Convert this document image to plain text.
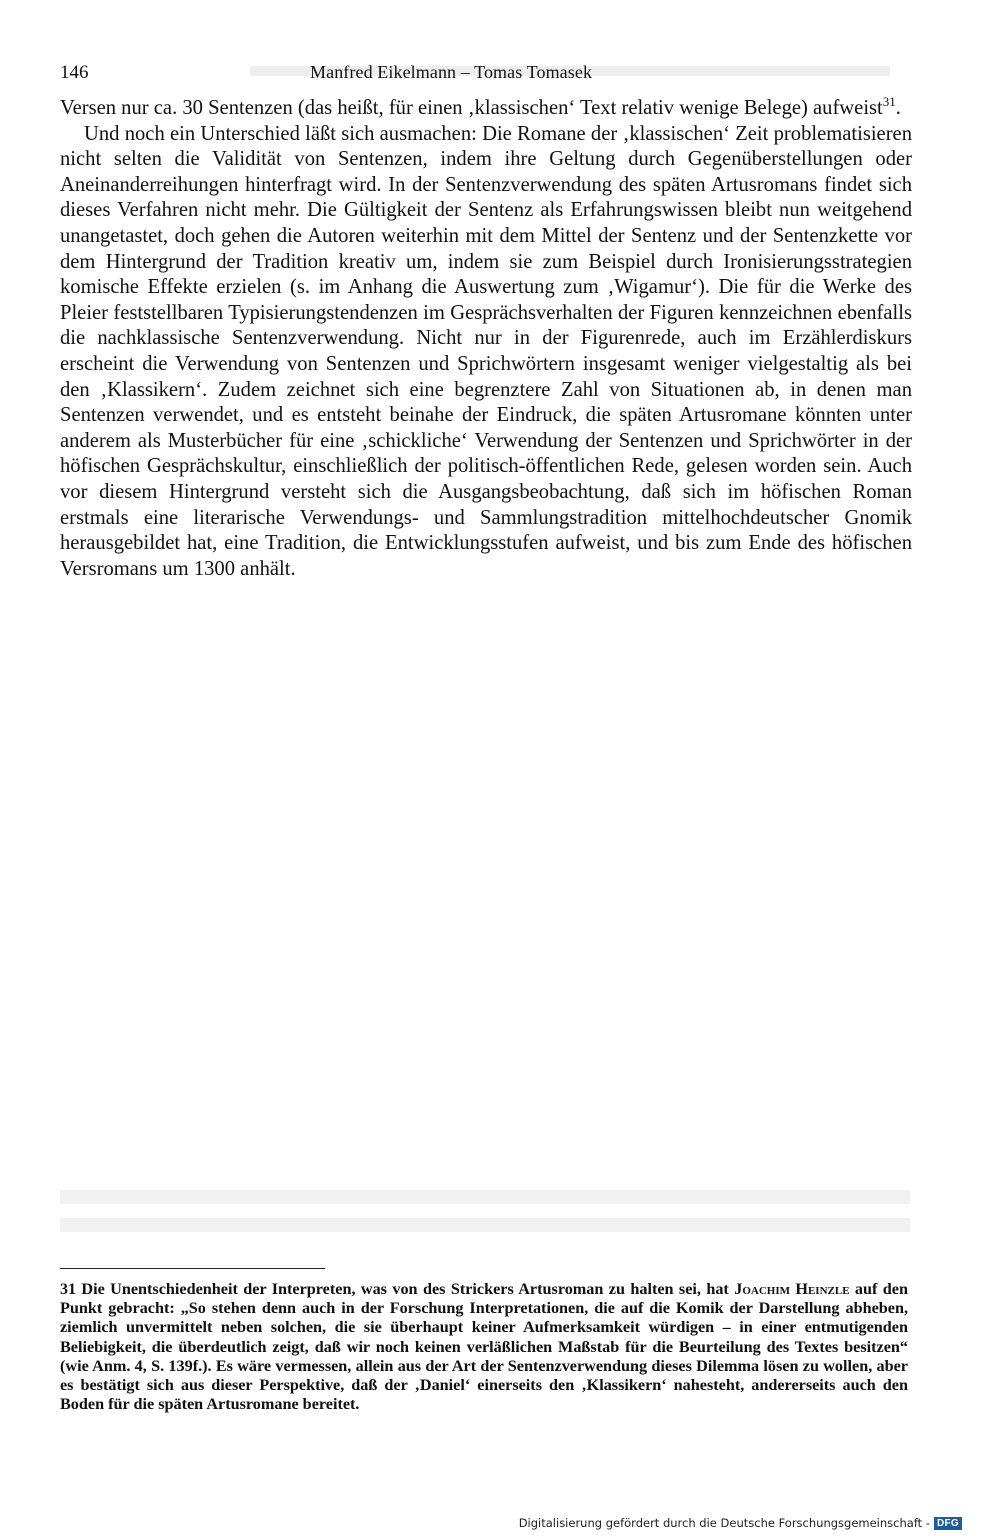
146	Manfred Eikelmann – Tomas Tomasek

Versen nur ca. 30 Sentenzen (das heißt, für einen ‚klassischen‘ Text relativ wenige Belege) aufweist$^{31}$.

Und noch ein Unterschied läßt sich ausmachen: Die Romane der ‚klassischen‘ Zeit problematisieren nicht selten die Validität von Sentenzen, indem ihre Geltung durch Gegenüberstellungen oder Aneinanderreihungen hinterfragt wird. In der Sentenzverwendung des späten Artusromans findet sich dieses Verfahren nicht mehr. Die Gültigkeit der Sentenz als Erfahrungswissen bleibt nun weitgehend unangetastet, doch gehen die Autoren weiterhin mit dem Mittel der Sentenz und der Sentenzkette vor dem Hintergrund der Tradition kreativ um, indem sie zum Beispiel durch Ironisierungsstrategien komische Effekte erzielen (s. im Anhang die Auswertung zum ‚Wigamur‘). Die für die Werke des Pleier feststellbaren Typisierungstendenzen im Gesprächsverhalten der Figuren kennzeichnen ebenfalls die nachklassische Sentenzverwendung. Nicht nur in der Figurenrede, auch im Erzählerdiskurs erscheint die Verwendung von Sentenzen und Sprichwörtern insgesamt weniger vielgestaltig als bei den ‚Klassikern‘. Zudem zeichnet sich eine begrenztere Zahl von Situationen ab, in denen man Sentenzen verwendet, und es entsteht beinahe der Eindruck, die späten Artusromane könnten unter anderem als Musterbücher für eine ‚schickliche‘ Verwendung der Sentenzen und Sprichwörter in der höfischen Gesprächskultur, einschließlich der politisch-öffentlichen Rede, gelesen worden sein. Auch vor diesem Hintergrund versteht sich die Ausgangsbeobachtung, daß sich im höfischen Roman erstmals eine literarische Verwendungs- und Sammlungstradition mittelhochdeutscher Gnomik herausgebildet hat, eine Tradition, die Entwicklungsstufen aufweist, und bis zum Ende des höfischen Versromans um 1300 anhält.

31 Die Unentschiedenheit der Interpreten, was von des Strickers Artusroman zu halten sei, hat Joachim Heinzle auf den Punkt gebracht: „So stehen denn auch in der Forschung Interpretationen, die auf die Komik der Darstellung abheben, ziemlich unvermittelt neben solchen, die sie überhaupt keiner Aufmerksamkeit würdigen – in einer entmutigenden Beliebigkeit, die überdeutlich zeigt, daß wir noch keinen verläßlichen Maßstab für die Beurteilung des Textes besitzen“ (wie Anm. 4, S. 139f.). Es wäre vermessen, allein aus der Art der Sentenzverwendung dieses Dilemma lösen zu wollen, aber es bestätigt sich aus dieser Perspektive, daß der ‚Daniel‘ einerseits den ‚Klassikern‘ nahesteht, andererseits auch den Boden für die späten Artusromane bereitet.
Digitalisierung gefördert durch die Deutsche Forschungsgemeinschaft - DFG
